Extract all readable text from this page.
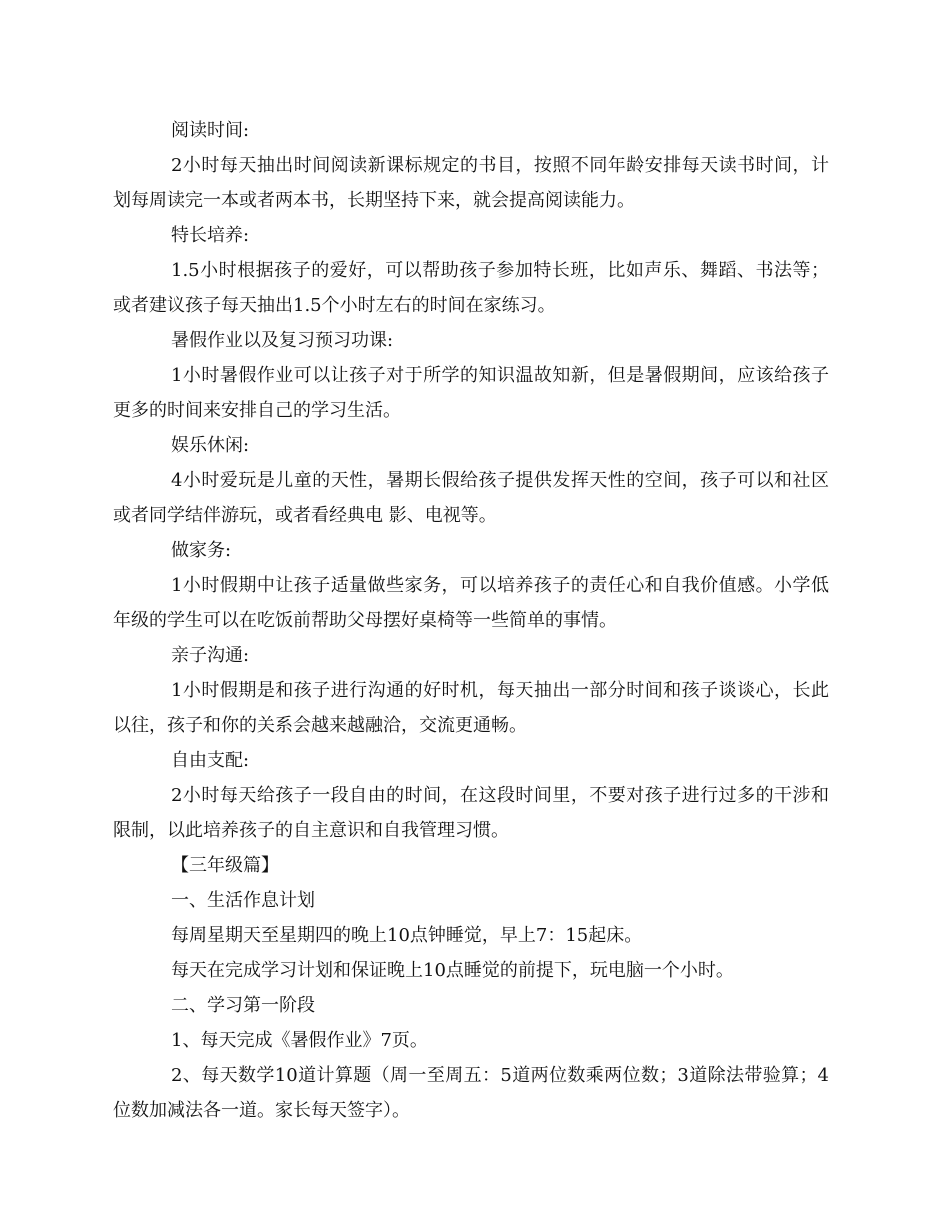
阅读时间:

2小时每天抽出时间阅读新课标规定的书目，按照不同年龄安排每天读书时间，计划每周读完一本或者两本书，长期坚持下来，就会提高阅读能力。

特长培养:

1.5小时根据孩子的爱好，可以帮助孩子参加特长班，比如声乐、舞蹈、书法等；或者建议孩子每天抽出1.5个小时左右的时间在家练习。

暑假作业以及复习预习功课:

1小时暑假作业可以让孩子对于所学的知识温故知新，但是暑假期间，应该给孩子更多的时间来安排自己的学习生活。

娱乐休闲:

4小时爱玩是儿童的天性，暑期长假给孩子提供发挥天性的空间，孩子可以和社区或者同学结伴游玩，或者看经典电 影、电视等。

做家务:

1小时假期中让孩子适量做些家务，可以培养孩子的责任心和自我价值感。小学低年级的学生可以在吃饭前帮助父母摆好桌椅等一些简单的事情。

亲子沟通:

1小时假期是和孩子进行沟通的好时机，每天抽出一部分时间和孩子谈谈心，长此以往，孩子和你的关系会越来越融洽，交流更通畅。

自由支配:

2小时每天给孩子一段自由的时间，在这段时间里，不要对孩子进行过多的干涉和限制，以此培养孩子的自主意识和自我管理习惯。

【三年级篇】

一、生活作息计划

每周星期天至星期四的晚上10点钟睡觉，早上7：15起床。

每天在完成学习计划和保证晚上10点睡觉的前提下，玩电脑一个小时。

二、学习第一阶段

1、每天完成《暑假作业》7页。

2、每天数学10道计算题（周一至周五：5道两位数乘两位数；3道除法带验算；4位数加减法各一道。家长每天签字）。
